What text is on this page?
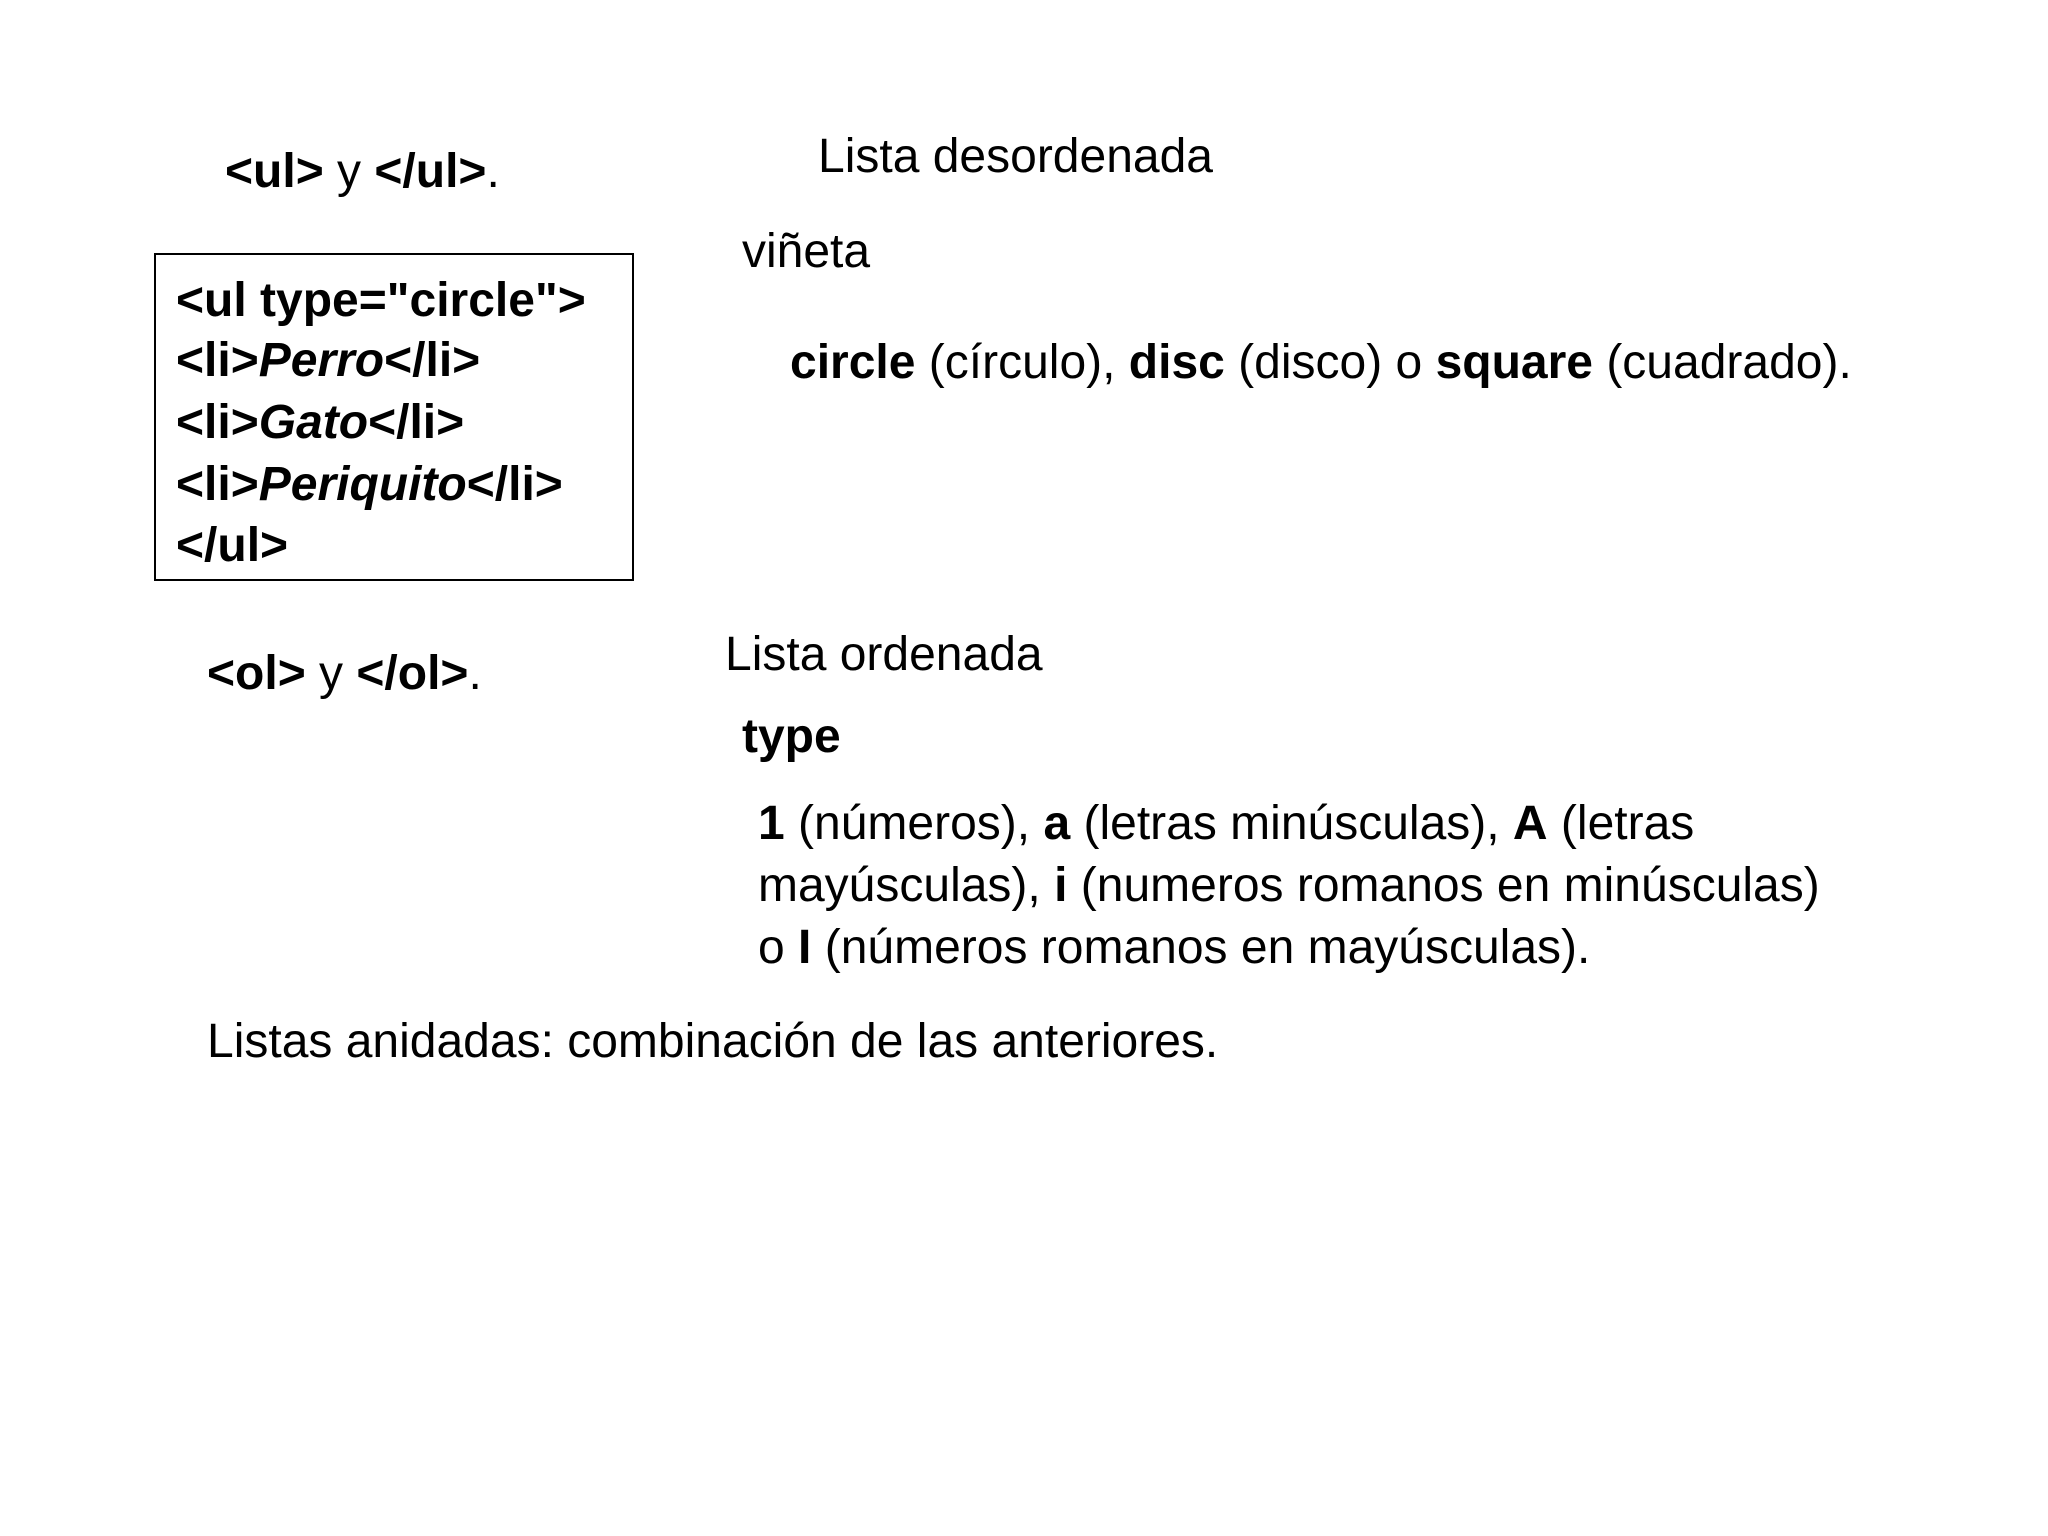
<ul> y </ul>.	Lista desordenada
viñeta
circle (círculo), disc (disco) o square (cuadrado).
<ul type="circle">
<li>Perro</li>
<li>Gato</li>
<li>Periquito</li>
</ul>
<ol> y </ol>.	Lista ordenada
type
1 (números), a (letras minúsculas), A (letras
mayúsculas), i (numeros romanos en minúsculas)
o I (números romanos en mayúsculas).
Listas anidadas: combinación de las anteriores.
